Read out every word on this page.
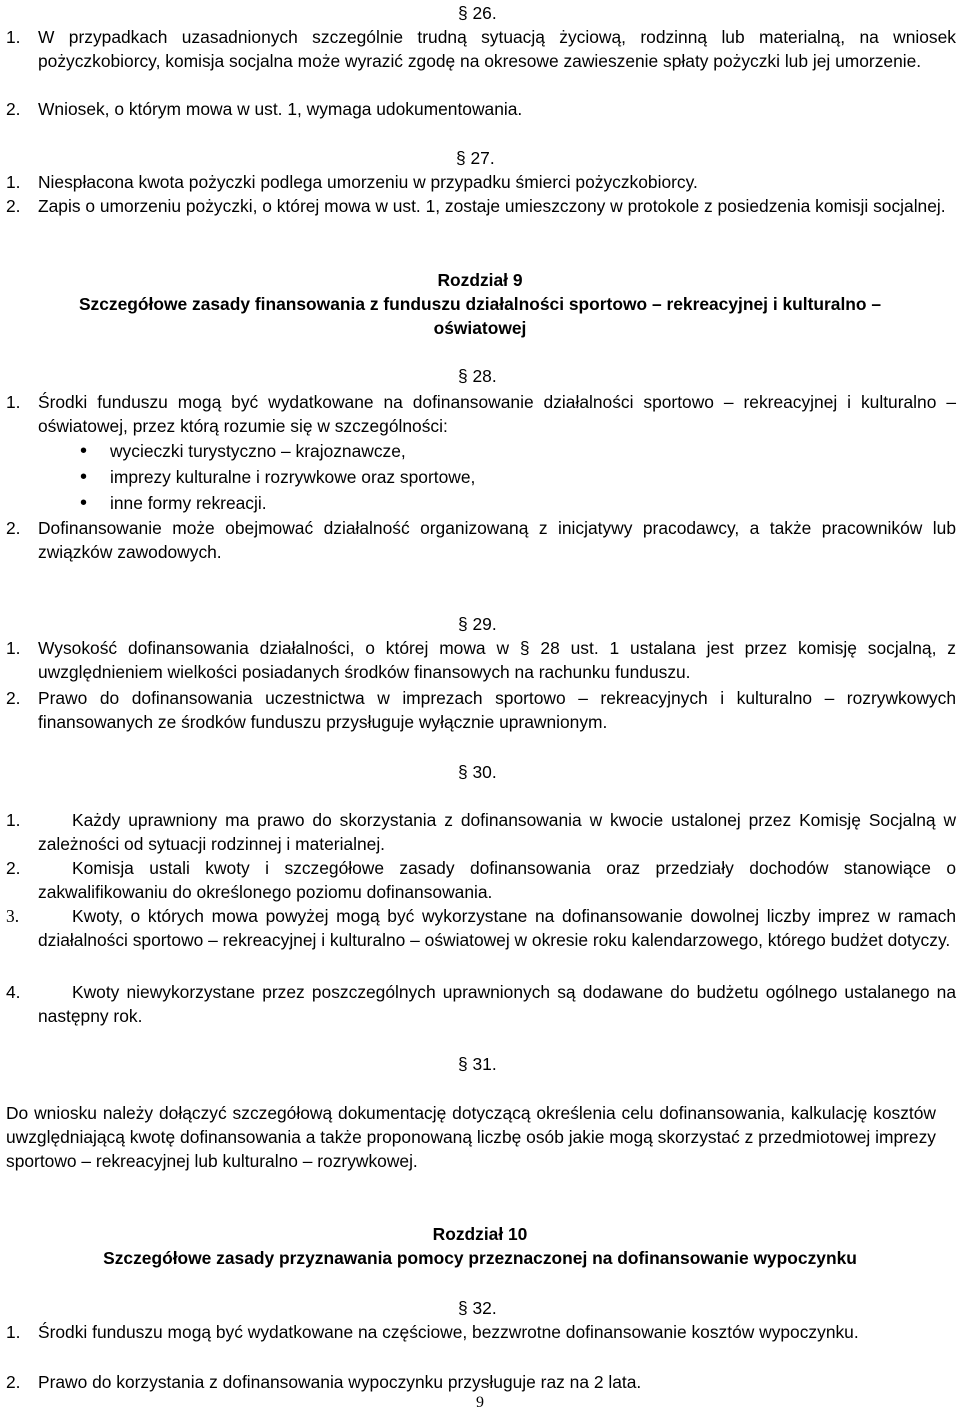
§ 26.
1.	W przypadkach uzasadnionych szczególnie trudną sytuacją życiową, rodzinną lub materialną, na wniosek pożyczkobiorcy, komisja socjalna może wyrazić zgodę na okresowe zawieszenie spłaty pożyczki lub jej umorzenie.
2.	Wniosek, o którym mowa w ust. 1, wymaga udokumentowania.
§ 27.
1.	Niespłacona kwota pożyczki podlega umorzeniu w przypadku śmierci pożyczkobiorcy.
2.	Zapis o umorzeniu pożyczki, o której mowa w ust. 1, zostaje umieszczony w protokole z posiedzenia komisji socjalnej.
Rozdział 9
Szczegółowe zasady finansowania z funduszu działalności sportowo – rekreacyjnej i kulturalno – oświatowej
§ 28.
1.	Środki funduszu mogą być wydatkowane na dofinansowanie działalności sportowo – rekreacyjnej i kulturalno – oświatowej, przez którą rozumie się w szczególności:
• wycieczki turystyczno – krajoznawcze,
• imprezy kulturalne i rozrywkowe oraz sportowe,
• inne formy rekreacji.
2.	Dofinansowanie może obejmować działalność organizowaną z inicjatywy pracodawcy, a także pracowników lub związków zawodowych.
§ 29.
1.	Wysokość dofinansowania działalności, o której mowa w § 28 ust. 1 ustalana jest przez komisję socjalną, z uwzględnieniem wielkości posiadanych środków finansowych na rachunku funduszu.
2.	Prawo do dofinansowania uczestnictwa w imprezach sportowo – rekreacyjnych i kulturalno – rozrywkowych finansowanych ze środków funduszu przysługuje wyłącznie uprawnionym.
§ 30.
1.	Każdy uprawniony ma prawo do skorzystania z dofinansowania w kwocie ustalonej przez Komisję Socjalną w zależności od sytuacji rodzinnej i materialnej.
2.	Komisja ustali kwoty i szczegółowe zasady dofinansowania oraz przedziały dochodów stanowiące o zakwalifikowaniu do określonego poziomu dofinansowania.
3.	Kwoty, o których mowa powyżej mogą być wykorzystane na dofinansowanie dowolnej liczby imprez w ramach działalności sportowo – rekreacyjnej i kulturalno – oświatowej w okresie roku kalendarzowego, którego budżet dotyczy.
4.	Kwoty niewykorzystane przez poszczególnych uprawnionych są dodawane do budżetu ogólnego ustalanego na następny rok.
§ 31.
Do wniosku należy dołączyć szczegółową dokumentację dotyczącą określenia celu dofinansowania, kalkulację kosztów uwzględniającą kwotę dofinansowania a także proponowaną liczbę osób jakie mogą skorzystać z przedmiotowej imprezy sportowo – rekreacyjnej lub kulturalno – rozrywkowej.
Rozdział 10
Szczegółowe zasady przyznawania pomocy przeznaczonej na dofinansowanie wypoczynku
§ 32.
1.	Środki funduszu mogą być wydatkowane na częściowe, bezzwrotne dofinansowanie kosztów wypoczynku.
2.	Prawo do korzystania z dofinansowania wypoczynku przysługuje raz na 2 lata.
9
